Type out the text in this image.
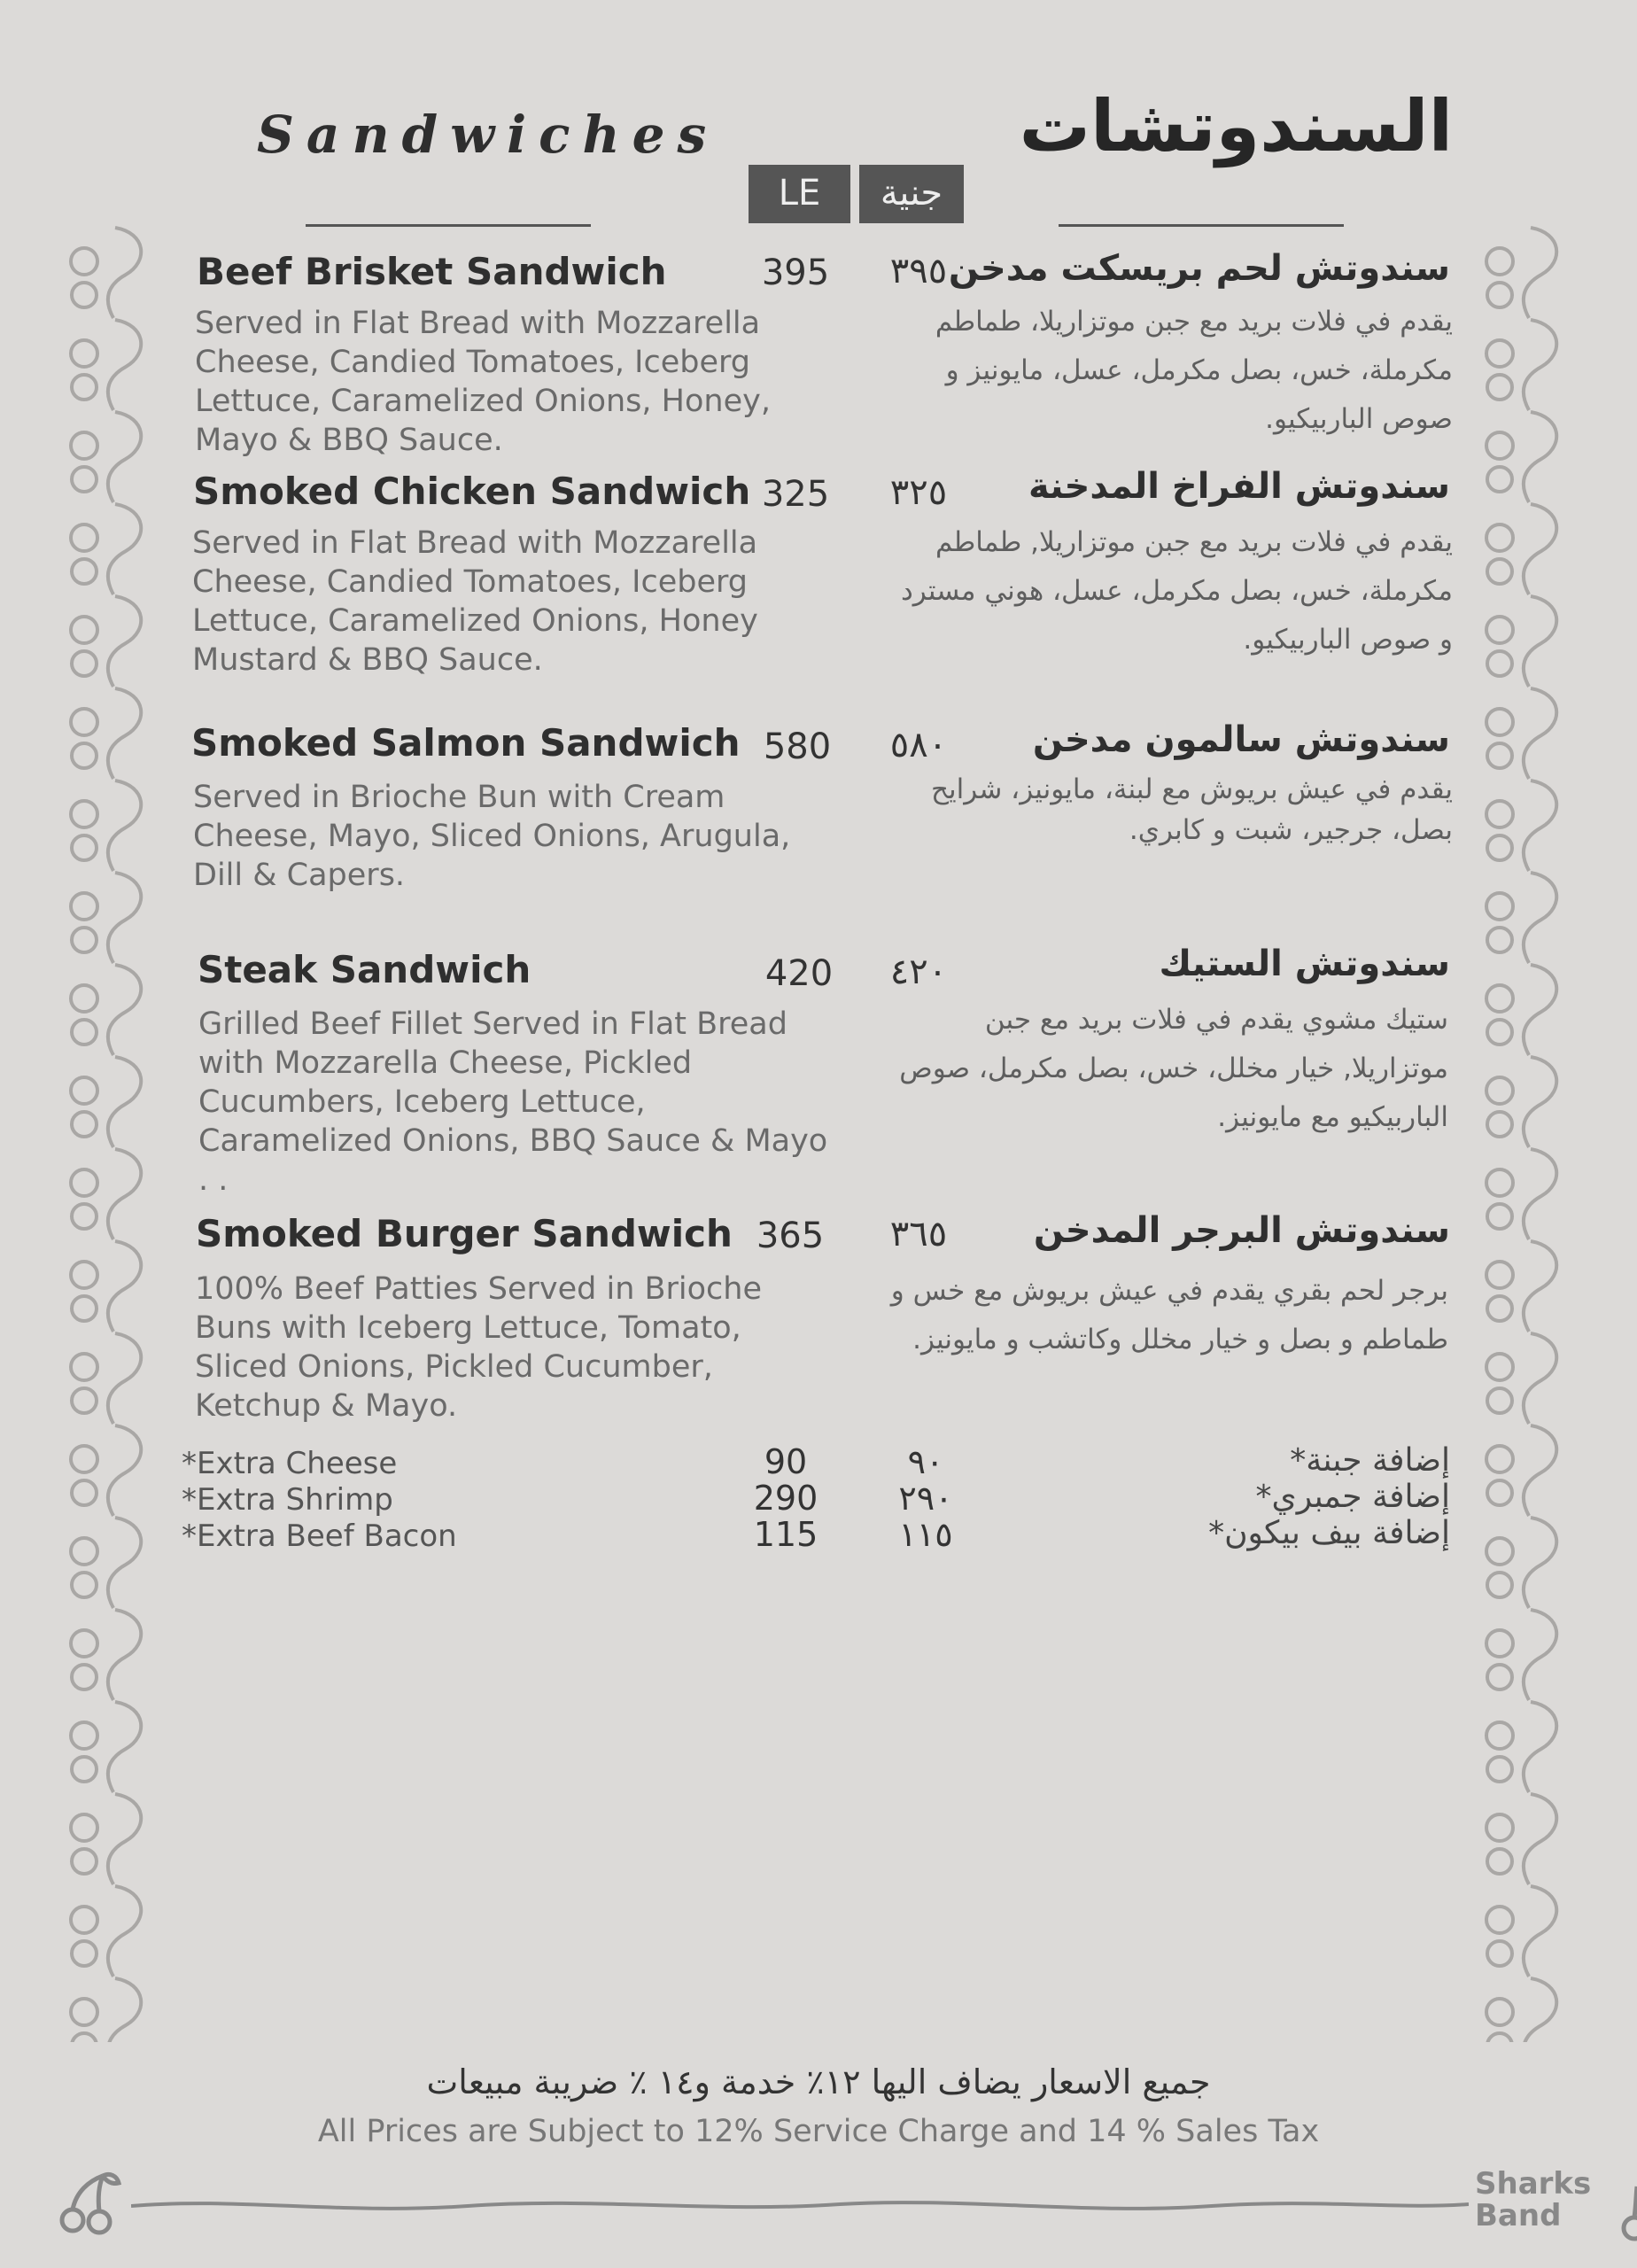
Sandwiches	السندوتشات
LE	جنية
Beef Brisket Sandwich
Served in Flat Bread with Mozzarella Cheese, Candied Tomatoes, Iceberg Lettuce, Caramelized Onions, Honey, Mayo & BBQ Sauce.
395	٣٩٥ سندوتش لحم بريسكت مدخن
يقدم في فلات بريد مع جبن موتزاريلا، طماطم مكرملة، خس، بصل مكرمل، عسل، مايونيز و صوص الباربيكيو.
Smoked Chicken Sandwich
Served in Flat Bread with Mozzarella Cheese, Candied Tomatoes, Iceberg Lettuce, Caramelized Onions, Honey Mustard & BBQ Sauce.
325	٣٢٥	سندوتش الفراخ المدخنة
يقدم في فلات بريد مع جبن موتزاريلا, طماطم مكرملة، خس، بصل مكرمل، عسل، هوني مسترد و صوص الباربيكيو.
Smoked Salmon Sandwich
Served in Brioche Bun with Cream Cheese, Mayo, Sliced Onions, Arugula, Dill & Capers.
580	٥٨٠	سندوتش سالمون مدخن
يقدم في عيش بريوش مع لبنة، مايونيز، شرايح بصل، جرجير، شبت و كابري.
Steak Sandwich
Grilled Beef Fillet Served in Flat Bread with Mozzarella Cheese, Pickled Cucumbers, Iceberg Lettuce, Caramelized Onions, BBQ Sauce & Mayo . .
420	٤٢٠	سندوتش الستيك
ستيك مشوي يقدم في فلات بريد مع جبن موتزاريلا, خيار مخلل، خس، بصل مكرمل، صوص الباربيكيو مع مايونيز.
Smoked Burger Sandwich
100% Beef Patties Served in Brioche Buns with Iceberg Lettuce, Tomato, Sliced Onions, Pickled Cucumber, Ketchup & Mayo.
365	٣٦٥	سندوتش البرجر المدخن
برجر لحم بقري يقدم في عيش بريوش مع خس و طماطم و بصل و خيار مخلل وكاتشب و مايونيز.
*Extra Cheese	90	٩٠	إضافة جبنة*
*Extra Shrimp	290	٢٩٠	إضافة جمبري*
*Extra Beef Bacon	115	١١٥	إضافة بيف بيكون*
جميع الاسعار يضاف اليها ١٢٪ خدمة و١٤ ٪ ضريبة مبيعات
All Prices are Subject to 12% Service Charge and 14 % Sales Tax
Sharks
Band
